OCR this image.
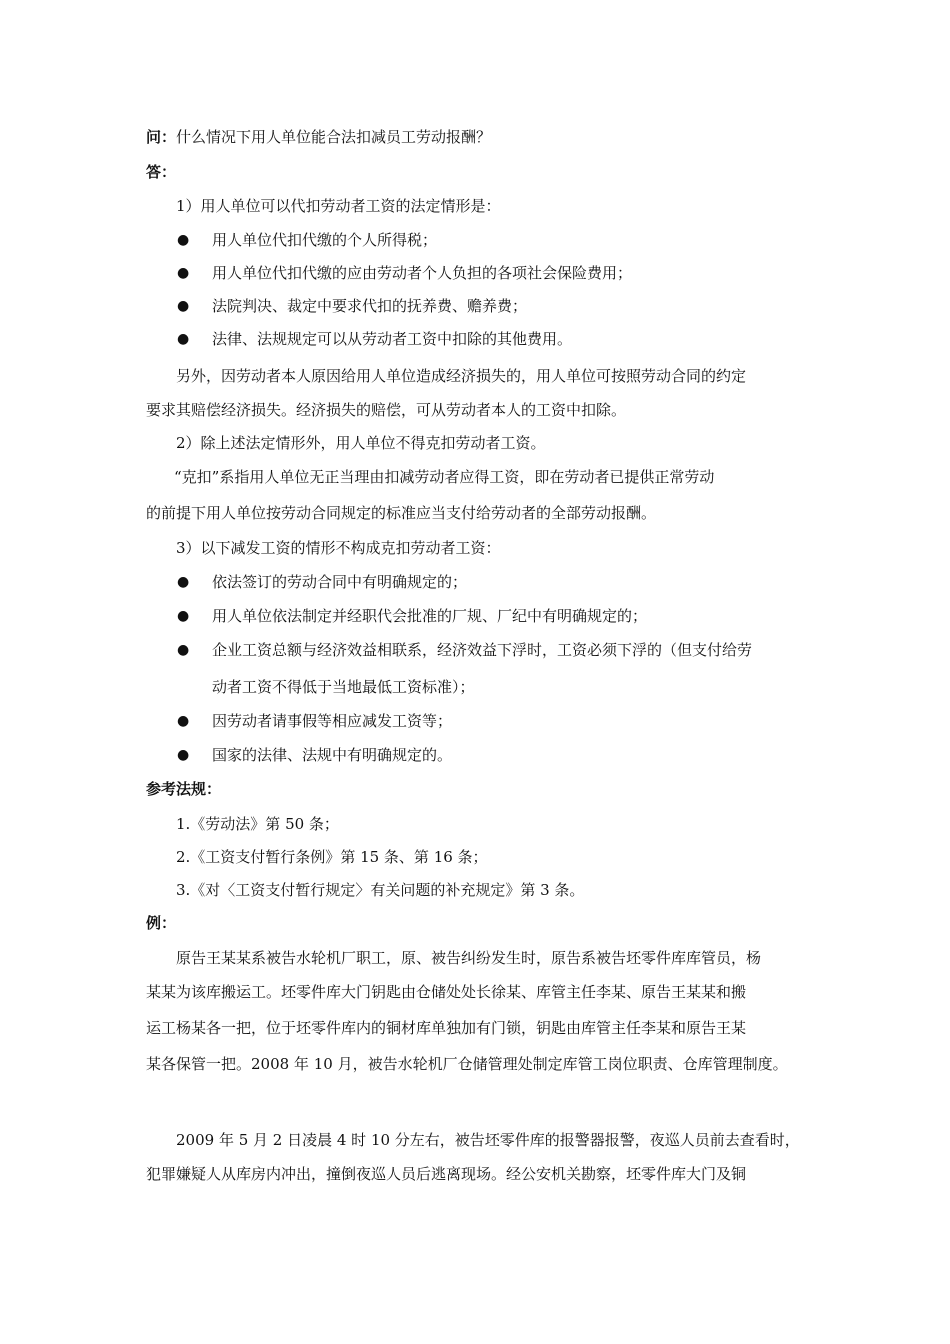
问：什么情况下用人单位能合法扣减员工劳动报酬？
答：
1）用人单位可以代扣劳动者工资的法定情形是：
● 用人单位代扣代缴的个人所得税；
● 用人单位代扣代缴的应由劳动者个人负担的各项社会保险费用；
● 法院判决、裁定中要求代扣的抚养费、赡养费；
● 法律、法规规定可以从劳动者工资中扣除的其他费用。
另外，因劳动者本人原因给用人单位造成经济损失的，用人单位可按照劳动合同的约定
要求其赔偿经济损失。经济损失的赔偿，可从劳动者本人的工资中扣除。
2）除上述法定情形外，用人单位不得克扣劳动者工资。
“克扣”系指用人单位无正当理由扣减劳动者应得工资，即在劳动者已提供正常劳动
的前提下用人单位按劳动合同规定的标准应当支付给劳动者的全部劳动报酬。
3）以下减发工资的情形不构成克扣劳动者工资：
● 依法签订的劳动合同中有明确规定的；
● 用人单位依法制定并经职代会批准的厂规、厂纪中有明确规定的；
● 企业工资总额与经济效益相联系，经济效益下浮时，工资必须下浮的（但支付给劳
动者工资不得低于当地最低工资标准）；
● 因劳动者请事假等相应减发工资等；
● 国家的法律、法规中有明确规定的。
参考法规：
1.《劳动法》第 50 条；
2.《工资支付暂行条例》第 15 条、第 16 条；
3.《对〈工资支付暂行规定〉有关问题的补充规定》第 3 条。
例：
原告王某某系被告水轮机厂职工，原、被告纠纷发生时，原告系被告坯零件库库管员，杨
某某为该库搬运工。坯零件库大门钥匙由仓储处处长徐某、库管主任李某、原告王某某和搬
运工杨某各一把，位于坯零件库内的铜材库单独加有门锁，钥匙由库管主任李某和原告王某
某各保管一把。2008 年 10 月，被告水轮机厂仓储管理处制定库管工岗位职责、仓库管理制度。
2009 年 5 月 2 日凌晨 4 时 10 分左右，被告坯零件库的报警器报警，夜巡人员前去查看时，
犯罪嫌疑人从库房内冲出，撞倒夜巡人员后逃离现场。经公安机关勘察，坯零件库大门及铜
